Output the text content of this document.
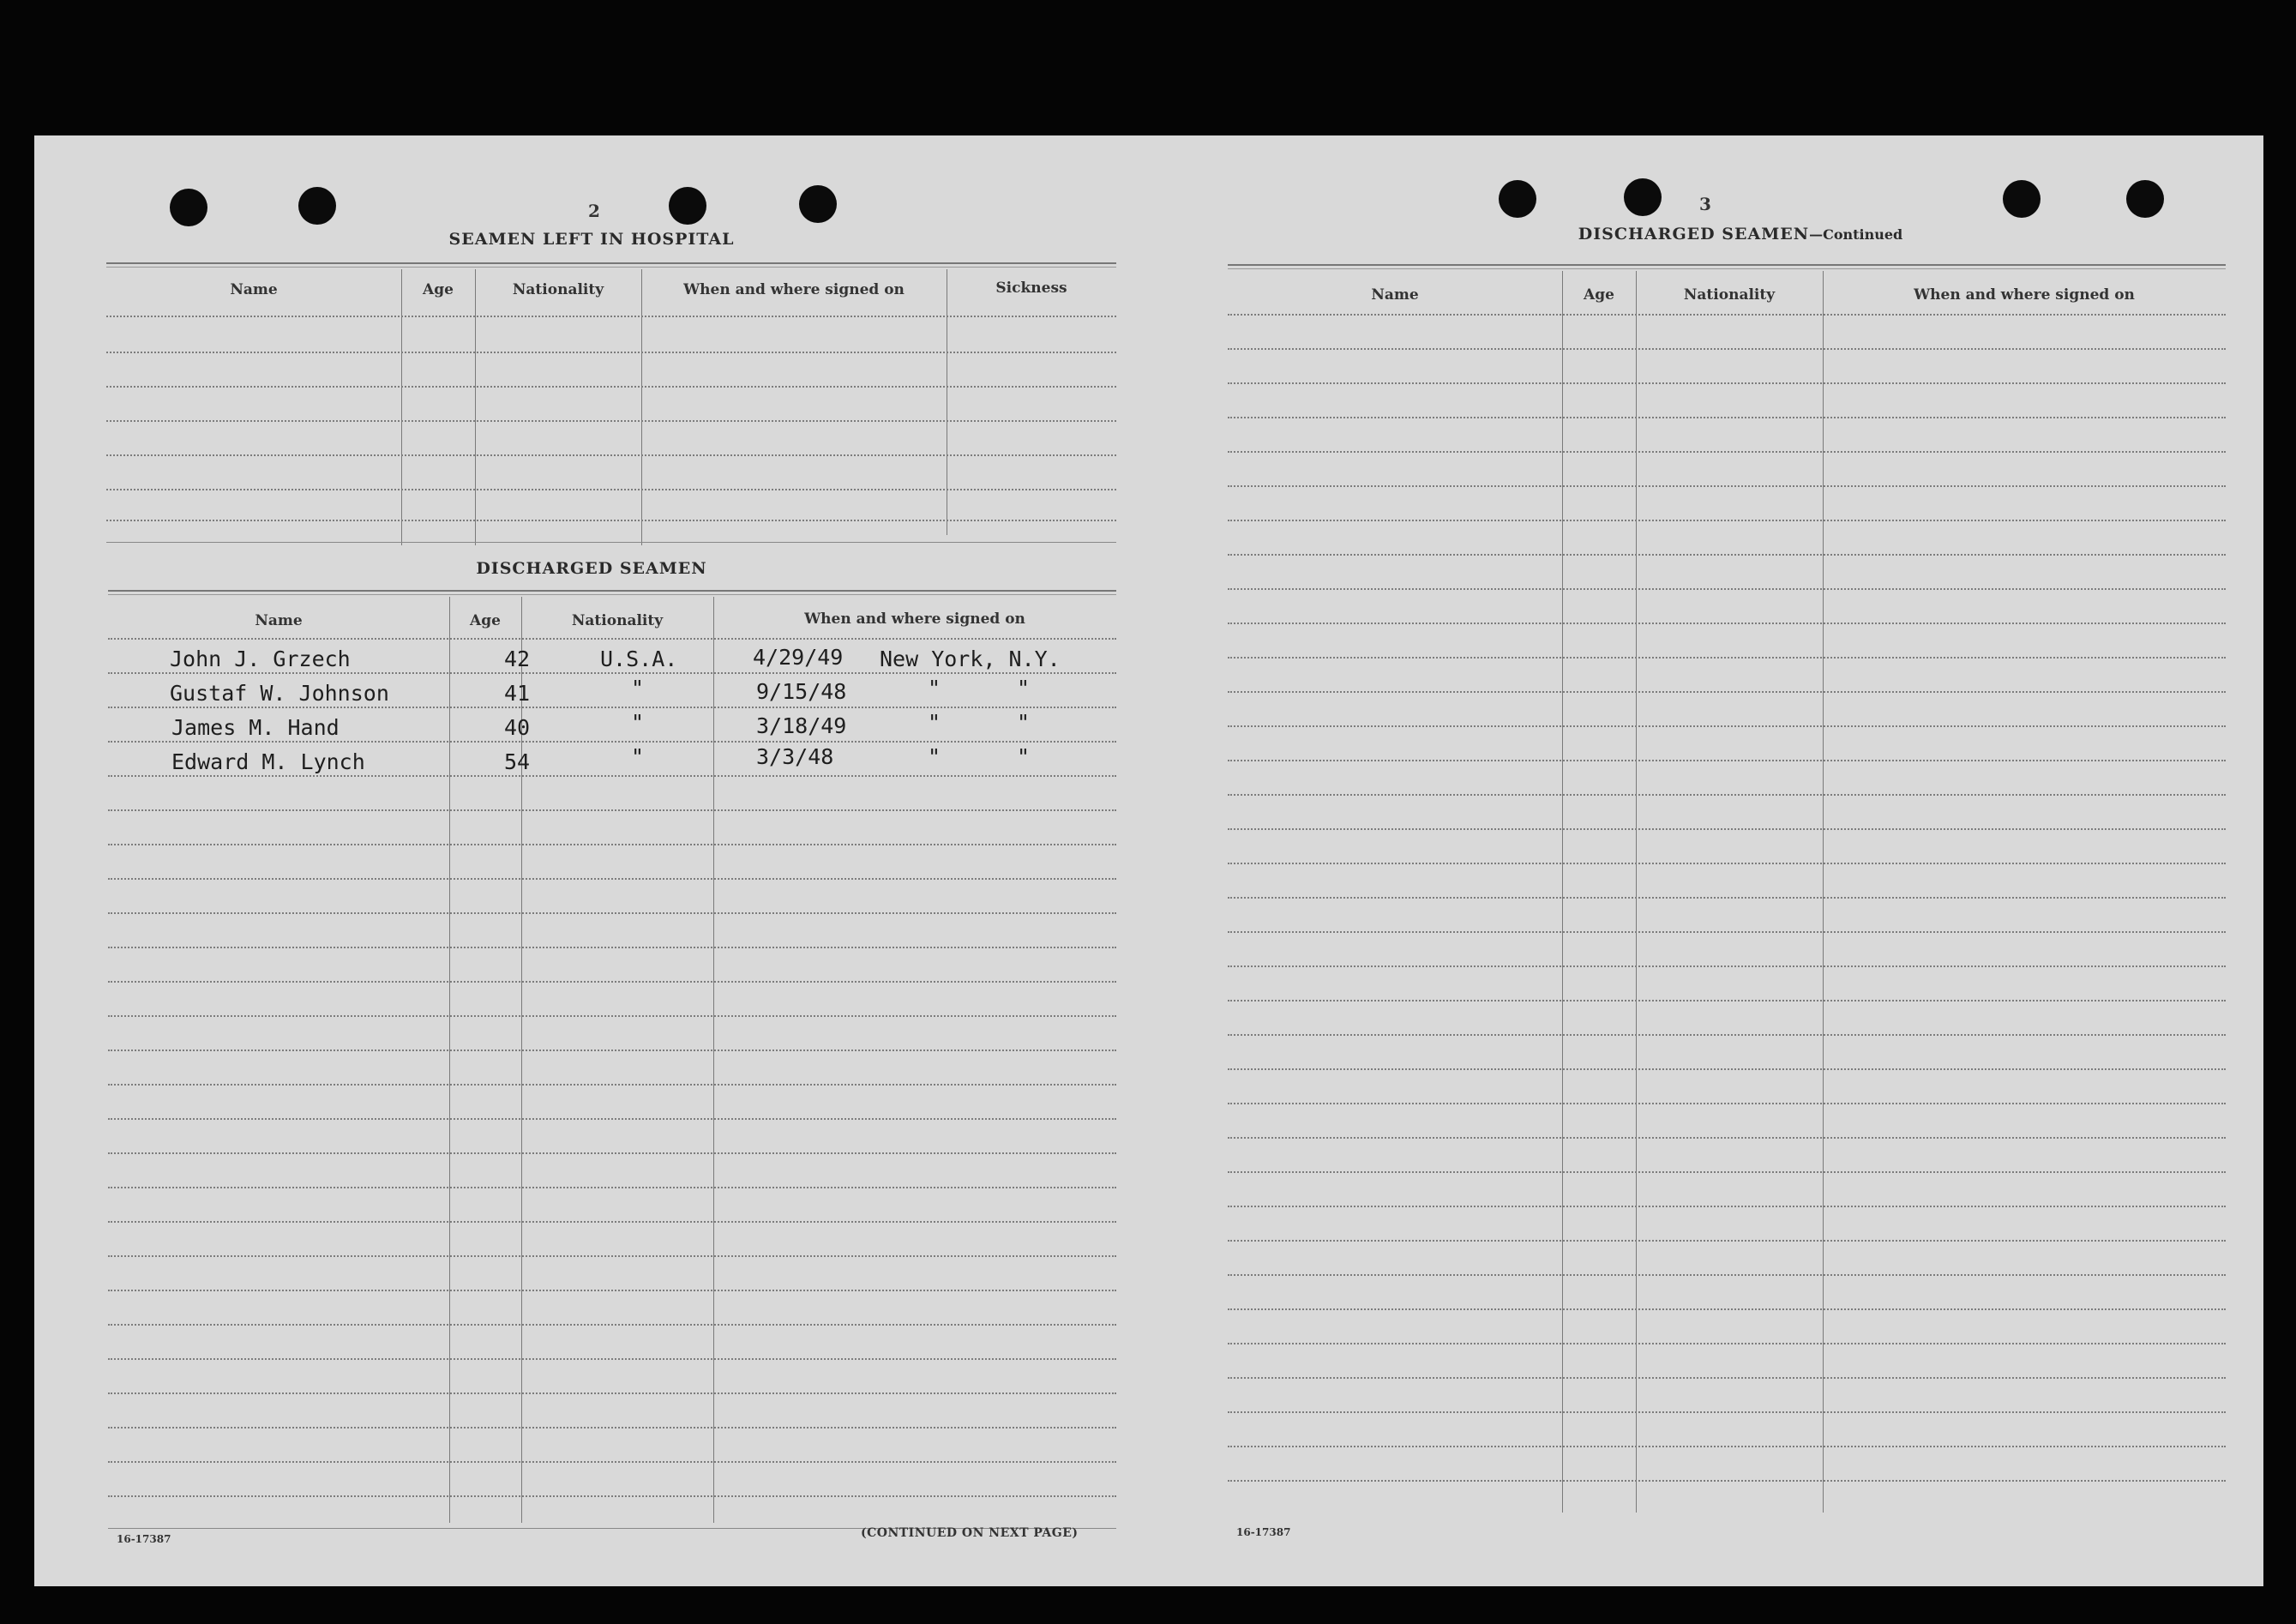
2
SEAMEN LEFT IN HOSPITAL
Name	Age	Nationality	When and where signed on	Sickness
DISCHARGED SEAMEN
Name	Age	Nationality	When and where signed on
John J. Grzech	42	U.S.A.	4/29/49 New York, N.Y.
Gustaf W. Johnson	41	"	9/15/48	"	"
James M. Hand	40	"	3/18/49	"	"
Edward M. Lynch	54	"	3/3/48	"	"
16-17387	(CONTINUED ON NEXT PAGE)
3
DISCHARGED SEAMEN—Continued
Name	Age	Nationality	When and where signed on
16-17387
